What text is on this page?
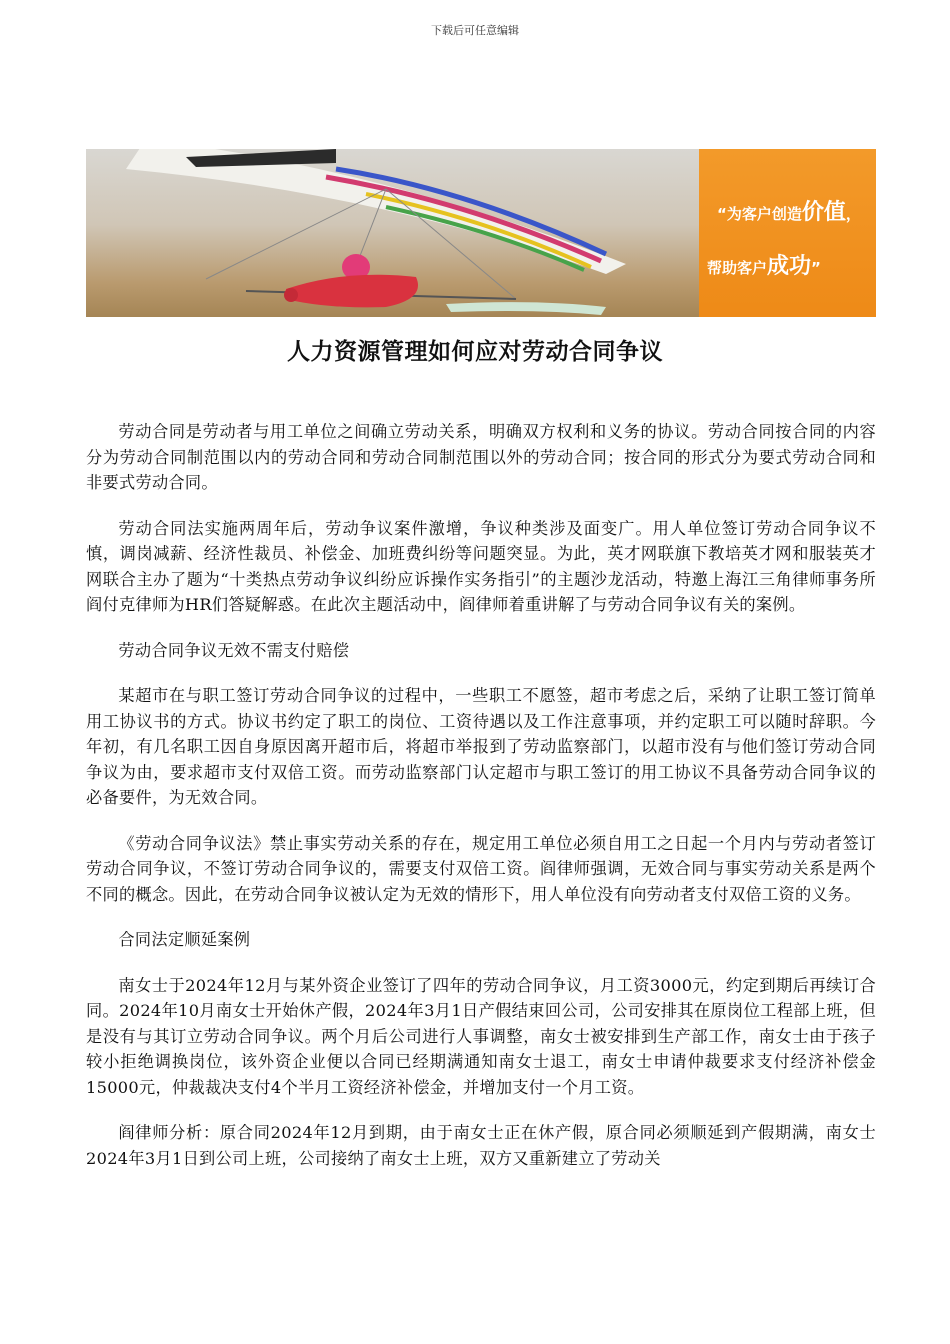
下载后可任意编辑
“为客户创造价值，
帮助客户成功”
人力资源管理如何应对劳动合同争议

劳动合同是劳动者与用工单位之间确立劳动关系，明确双方权利和义务的协议。劳动合同按合同的内容分为劳动合同制范围以内的劳动合同和劳动合同制范围以外的劳动合同；按合同的形式分为要式劳动合同和非要式劳动合同。

劳动合同法实施两周年后，劳动争议案件激增，争议种类涉及面变广。用人单位签订劳动合同争议不慎，调岗减薪、经济性裁员、补偿金、加班费纠纷等问题突显。为此，英才网联旗下教培英才网和服装英才网联合主办了题为“十类热点劳动争议纠纷应诉操作实务指引”的主题沙龙活动，特邀上海江三角律师事务所阎付克律师为HR们答疑解惑。在此次主题活动中，阎律师着重讲解了与劳动合同争议有关的案例。

劳动合同争议无效不需支付赔偿

某超市在与职工签订劳动合同争议的过程中，一些职工不愿签，超市考虑之后，采纳了让职工签订简单用工协议书的方式。协议书约定了职工的岗位、工资待遇以及工作注意事项，并约定职工可以随时辞职。今年初，有几名职工因自身原因离开超市后，将超市举报到了劳动监察部门，以超市没有与他们签订劳动合同争议为由，要求超市支付双倍工资。而劳动监察部门认定超市与职工签订的用工协议不具备劳动合同争议的必备要件，为无效合同。

《劳动合同争议法》禁止事实劳动关系的存在，规定用工单位必须自用工之日起一个月内与劳动者签订劳动合同争议，不签订劳动合同争议的，需要支付双倍工资。阎律师强调，无效合同与事实劳动关系是两个不同的概念。因此，在劳动合同争议被认定为无效的情形下，用人单位没有向劳动者支付双倍工资的义务。

合同法定顺延案例

南女士于2024年12月与某外资企业签订了四年的劳动合同争议，月工资3000元，约定到期后再续订合同。2024年10月南女士开始休产假，2024年3月1日产假结束回公司，公司安排其在原岗位工程部上班，但是没有与其订立劳动合同争议。两个月后公司进行人事调整，南女士被安排到生产部工作，南女士由于孩子较小拒绝调换岗位，该外资企业便以合同已经期满通知南女士退工，南女士申请仲裁要求支付经济补偿金15000元，仲裁裁决支付4个半月工资经济补偿金，并增加支付一个月工资。

阎律师分析：原合同2024年12月到期，由于南女士正在休产假，原合同必须顺延到产假期满，南女士2024年3月1日到公司上班，公司接纳了南女士上班，双方又重新建立了劳动关
